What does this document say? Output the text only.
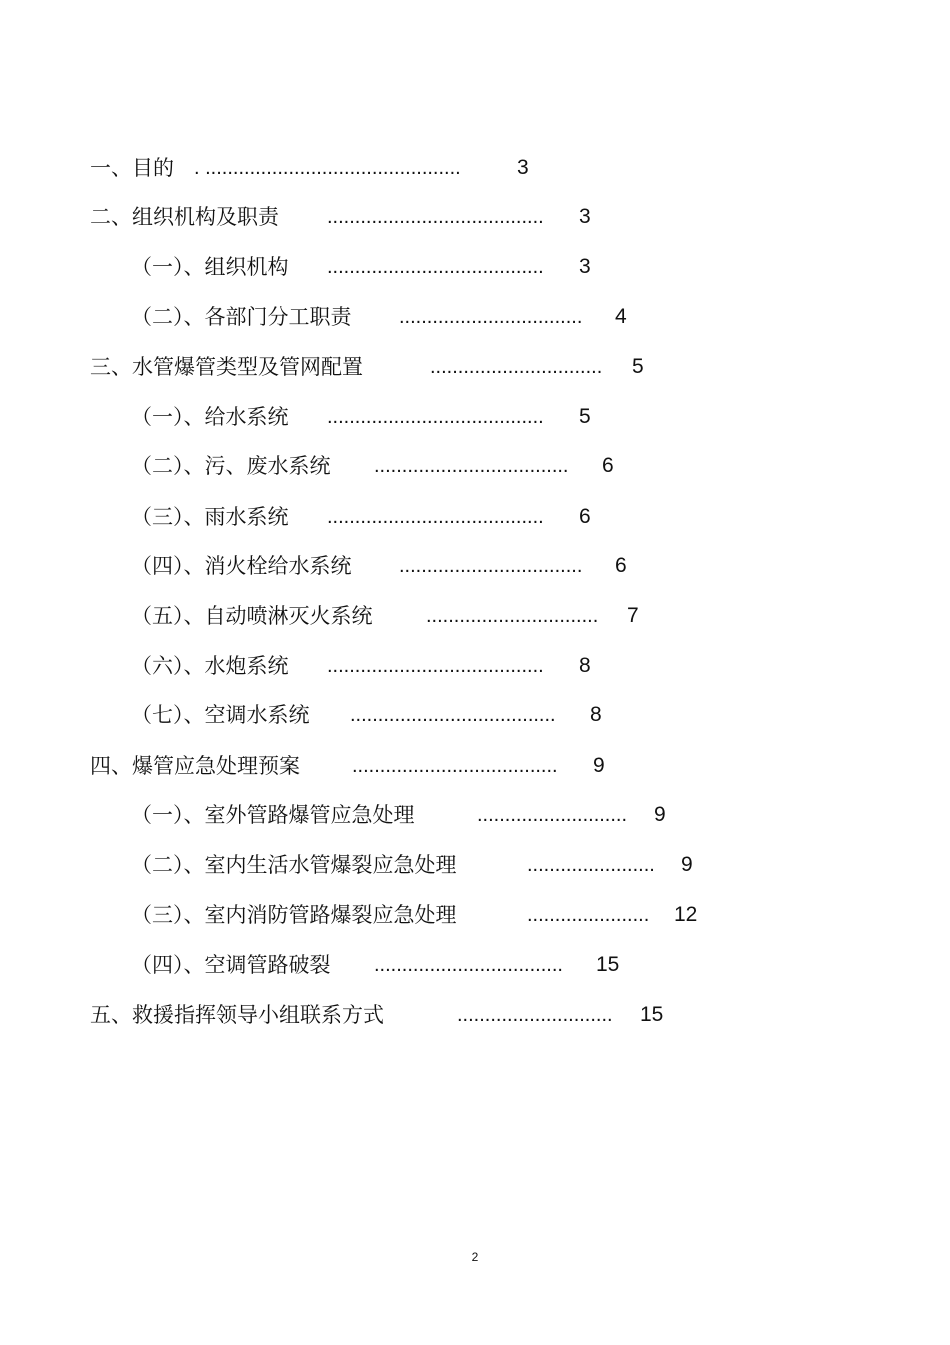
一、目的 . ..............................................	3
二、组织机构及职责 ....................................... 3
（一）、组织机构 ....................................... 3
（二）、各部门分工职责 ................................. 4
三、水管爆管类型及管网配置	............................... 5
（一）、给水系统 ....................................... 5
（二）、污、废水系统 ................................... 6
（三）、雨水系统 ....................................... 6
（四）、消火栓给水系统 ................................. 6
（五）、自动喷淋灭火系统	............................... 7
（六）、水炮系统 ....................................... 8
（七）、空调水系统 ..................................... 8
四、爆管应急处理预案	..................................... 9
（一）、室外管路爆管应急处理	........................... 9
（二）、室内生活水管爆裂应急处理	....................... 9
（三）、室内消防管路爆裂应急处理	...................... 12
（四）、空调管路破裂 .................................. 15
五、救援指挥领导小组联系方式	............................ 15
2
